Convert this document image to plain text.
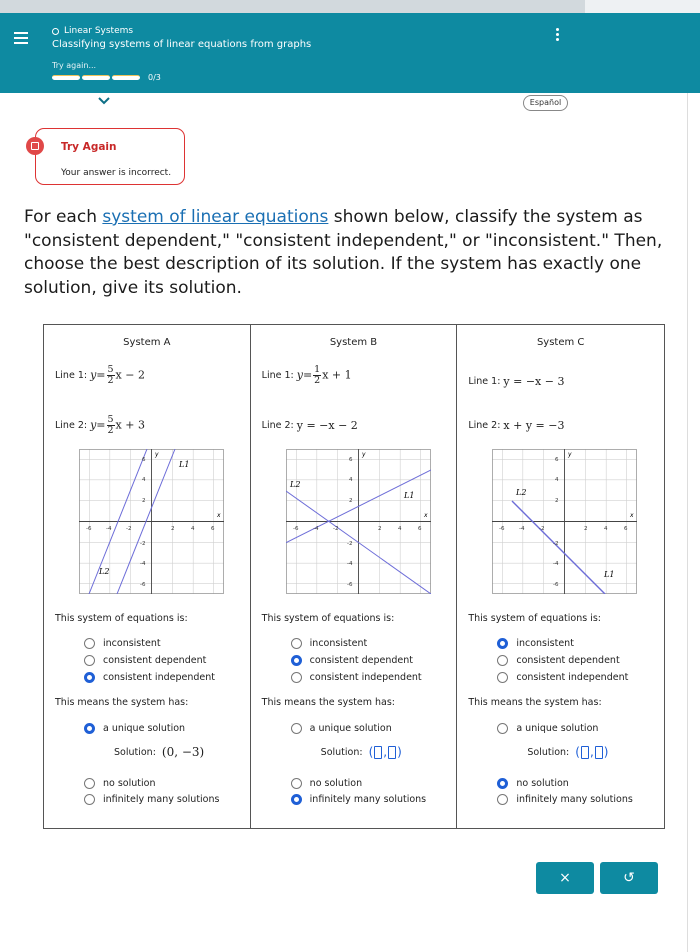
Linear Systems
Classifying systems of linear equations from graphs
Try again...
0/3
Español
Try Again
Your answer is incorrect.
For each system of linear equations shown below, classify the system as "consistent dependent," "consistent independent," or "inconsistent." Then, choose the best description of its solution. If the system has exactly one solution, give its solution.
System A
Line 1: $y= \frac{5}{2}$ x − 2
Line 2: $y= \frac{5}{2}$ x + 3
L1
L2
-6	-4	-2	2	4	6
6
4
2
-2
-4
-6
x
y
This system of equations is:
inconsistent
consistent dependent
consistent independent
This means the system has:
a unique solution
Solution: (0, −3)
no solution
infinitely many solutions
System B
Line 1: $y= \frac{1}{2}$ x + 1
Line 2: y = −x − 2
L1
L2
-6	-4	-2	2	4	6
6
4
2
-2
-4
-6
x
y
This system of equations is:
inconsistent
consistent dependent
consistent independent
This means the system has:
a unique solution
Solution: ( , )
no solution
infinitely many solutions
System C
Line 1: y = −x − 3
Line 2: x + y = −3
L2
L1
-6	-4	-2	2	4	6
6
4
2
-2
-4
-6
x
y
This system of equations is:
inconsistent
consistent dependent
consistent independent
This means the system has:
a unique solution
Solution: ( , )
no solution
infinitely many solutions
×	↺
